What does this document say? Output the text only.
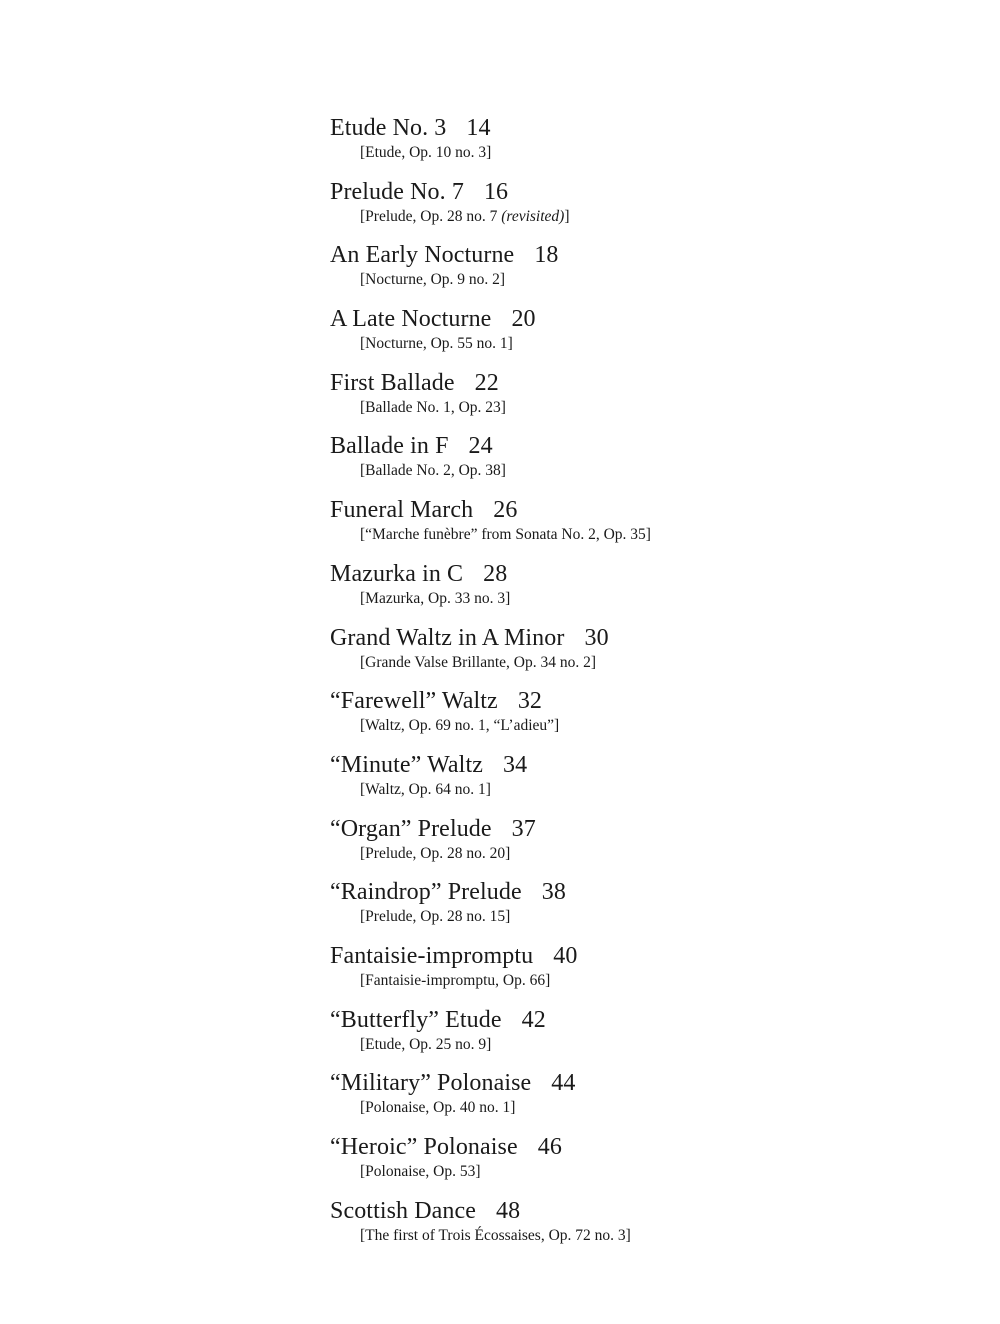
Etude No. 3 14
[Etude, Op. 10 no. 3]
Prelude No. 7 16
[Prelude, Op. 28 no. 7 (revisited)]
An Early Nocturne 18
[Nocturne, Op. 9 no. 2]
A Late Nocturne 20
[Nocturne, Op. 55 no. 1]
First Ballade 22
[Ballade No. 1, Op. 23]
Ballade in F 24
[Ballade No. 2, Op. 38]
Funeral March 26
[“Marche funèbre” from Sonata No. 2, Op. 35]
Mazurka in C 28
[Mazurka, Op. 33 no. 3]
Grand Waltz in A Minor 30
[Grande Valse Brillante, Op. 34 no. 2]
“Farewell” Waltz 32
[Waltz, Op. 69 no. 1, “L’adieu”]
“Minute” Waltz 34
[Waltz, Op. 64 no. 1]
“Organ” Prelude 37
[Prelude, Op. 28 no. 20]
“Raindrop” Prelude 38
[Prelude, Op. 28 no. 15]
Fantaisie-impromptu 40
[Fantaisie-impromptu, Op. 66]
“Butterfly” Etude 42
[Etude, Op. 25 no. 9]
“Military” Polonaise 44
[Polonaise, Op. 40 no. 1]
“Heroic” Polonaise 46
[Polonaise, Op. 53]
Scottish Dance 48
[The first of Trois Écossaises, Op. 72 no. 3]
